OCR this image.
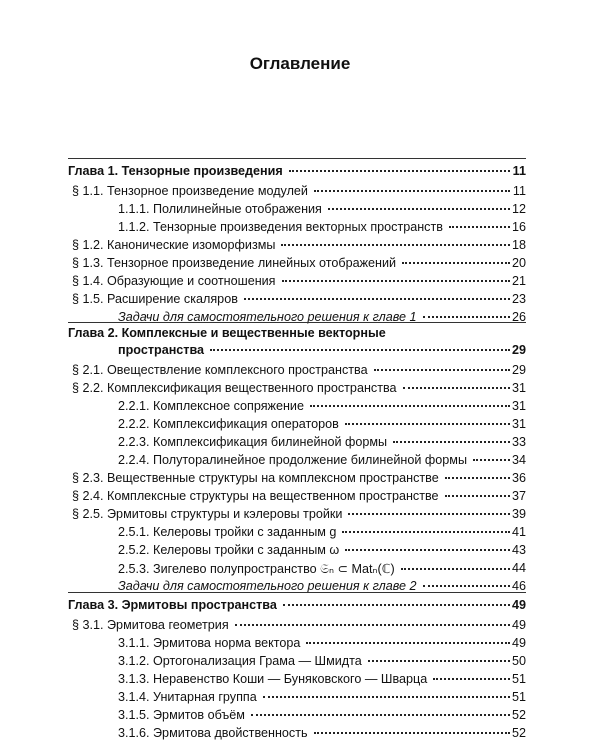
Оглавление
Глава 1. Тензорные произведения	11
§ 1.1. Тензорное произведение модулей	11
1.1.1. Полилинейные отображения	12
1.1.2. Тензорные произведения векторных пространств	16
§ 1.2. Канонические изоморфизмы	18
§ 1.3. Тензорное произведение линейных отображений	20
§ 1.4. Образующие и соотношения	21
§ 1.5. Расширение скаляров	23
Задачи для самостоятельного решения к главе 1	26
Глава 2. Комплексные и вещественные векторные
пространства	29
§ 2.1. Овеществление комплексного пространства	29
§ 2.2. Комплексификация вещественного пространства	31
2.2.1. Комплексное сопряжение	31
2.2.2. Комплексификация операторов	31
2.2.3. Комплексификация билинейной формы	33
2.2.4. Полуторалинейное продолжение билинейной формы	34
§ 2.3. Вещественные структуры на комплексном пространстве	36
§ 2.4. Комплексные структуры на вещественном пространстве	37
§ 2.5. Эрмитовы структуры и кэлеровы тройки	39
2.5.1. Келеровы тройки с заданным g	41
2.5.2. Келеровы тройки с заданным ω	43
2.5.3. Зигелево полупространство 𝔖ₙ ⊂ Matₙ(ℂ)	44
Задачи для самостоятельного решения к главе 2	46
Глава 3. Эрмитовы пространства	49
§ 3.1. Эрмитова геометрия	49
3.1.1. Эрмитова норма вектора	49
3.1.2. Ортогонализация Грама — Шмидта	50
3.1.3. Неравенство Коши — Буняковского — Шварца	51
3.1.4. Унитарная группа	51
3.1.5. Эрмитов объём	52
3.1.6. Эрмитова двойственность	52
